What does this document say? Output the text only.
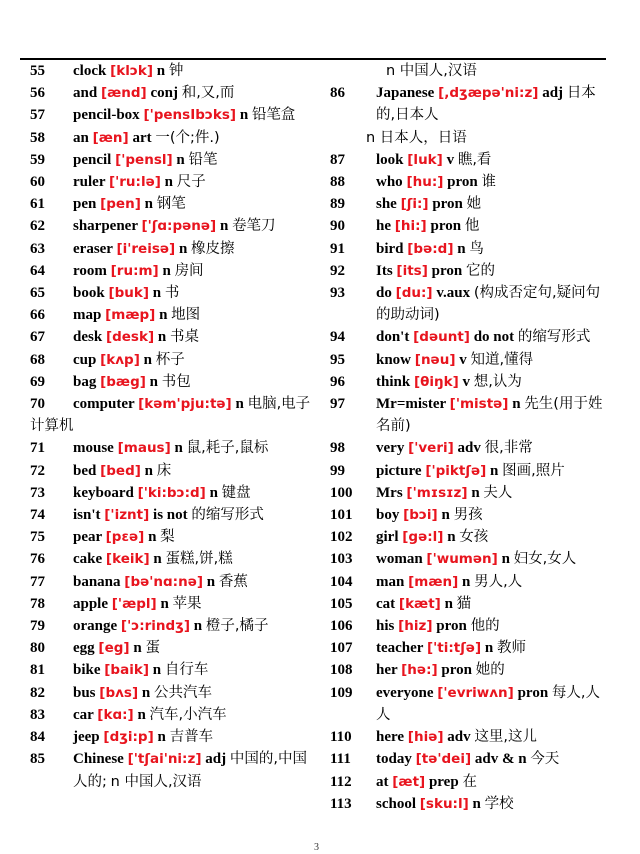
55	clock [klɔk] n 钟
56	and [ænd] conj 和,又,而
57	pencil-box ['pensIbɔks] n 铅笔盒
58	an [æn] art 一(个;件.)
59	pencil ['pensl] n 铅笔
60	ruler ['ru:lə] n 尺子
61	pen [pen] n 钢笔
62	sharpener ['ʃɑ:pənə] n 卷笔刀
63	eraser [i'reisə] n 橡皮擦
64	room [ru:m] n 房间
65	book [buk] n 书
66	map [mæp] n 地图
67	desk [desk] n 书桌
68	cup [kʌp] n 杯子
69	bag [bæg] n 书包
70	computer [kəm'pju:tə] n 电脑,电子计算机
71	mouse [maus] n 鼠,耗子,鼠标
72	bed [bed] n 床
73	keyboard ['ki:bɔ:d] n 键盘
74	isn't ['iznt] is not 的缩写形式
75	pear [pɛə] n 梨
76	cake [keik] n 蛋糕,饼,糕
77	banana [bə'nɑ:nə] n 香蕉
78	apple ['æpl] n 苹果
79	orange ['ɔ:rindʒ] n 橙子,橘子
80	egg [eg] n 蛋
81	bike [baik] n 自行车
82	bus [bʌs] n 公共汽车
83	car [kɑ:] n 汽车,小汽车
84	jeep [dʒi:p] n 吉普车
85	Chinese ['tʃai'ni:z] adj 中国的,中国人的; n 中国人,汉语
n 中国人,汉语
86	Japanese [,dʒæpə'ni:z] adj 日本的,日本人
n 日本人，日语
87	look [luk] v 瞧,看
88	who [hu:] pron 谁
89	she [ʃi:] pron 她
90	he [hi:] pron 他
91	bird [bə:d] n 鸟
92	Its [its] pron 它的
93	do [du:] v.aux (构成否定句,疑问句的助动词)
94	don't [dəunt] do not 的缩写形式
95	know [nəu] v 知道,懂得
96	think [θiŋk] v 想,认为
97	Mr=mister ['mistə] n 先生(用于姓名前)
98	very ['veri] adv 很,非常
99	picture ['piktʃə] n 图画,照片
100	Mrs ['mɪsɪz] n 夫人
101	boy [bɔi] n 男孩
102	girl [gə:l] n 女孩
103	woman ['wumən] n 妇女,女人
104	man [mæn] n 男人,人
105	cat [kæt] n 猫
106	his [hiz] pron 他的
107	teacher ['ti:tʃə] n 教师
108	her [hə:] pron 她的
109	everyone ['evriwʌn] pron 每人,人人
110	here [hiə] adv 这里,这儿
111	today [tə'dei] adv & n 今天
112	at [æt] prep 在
113	school [sku:l] n 学校
3
